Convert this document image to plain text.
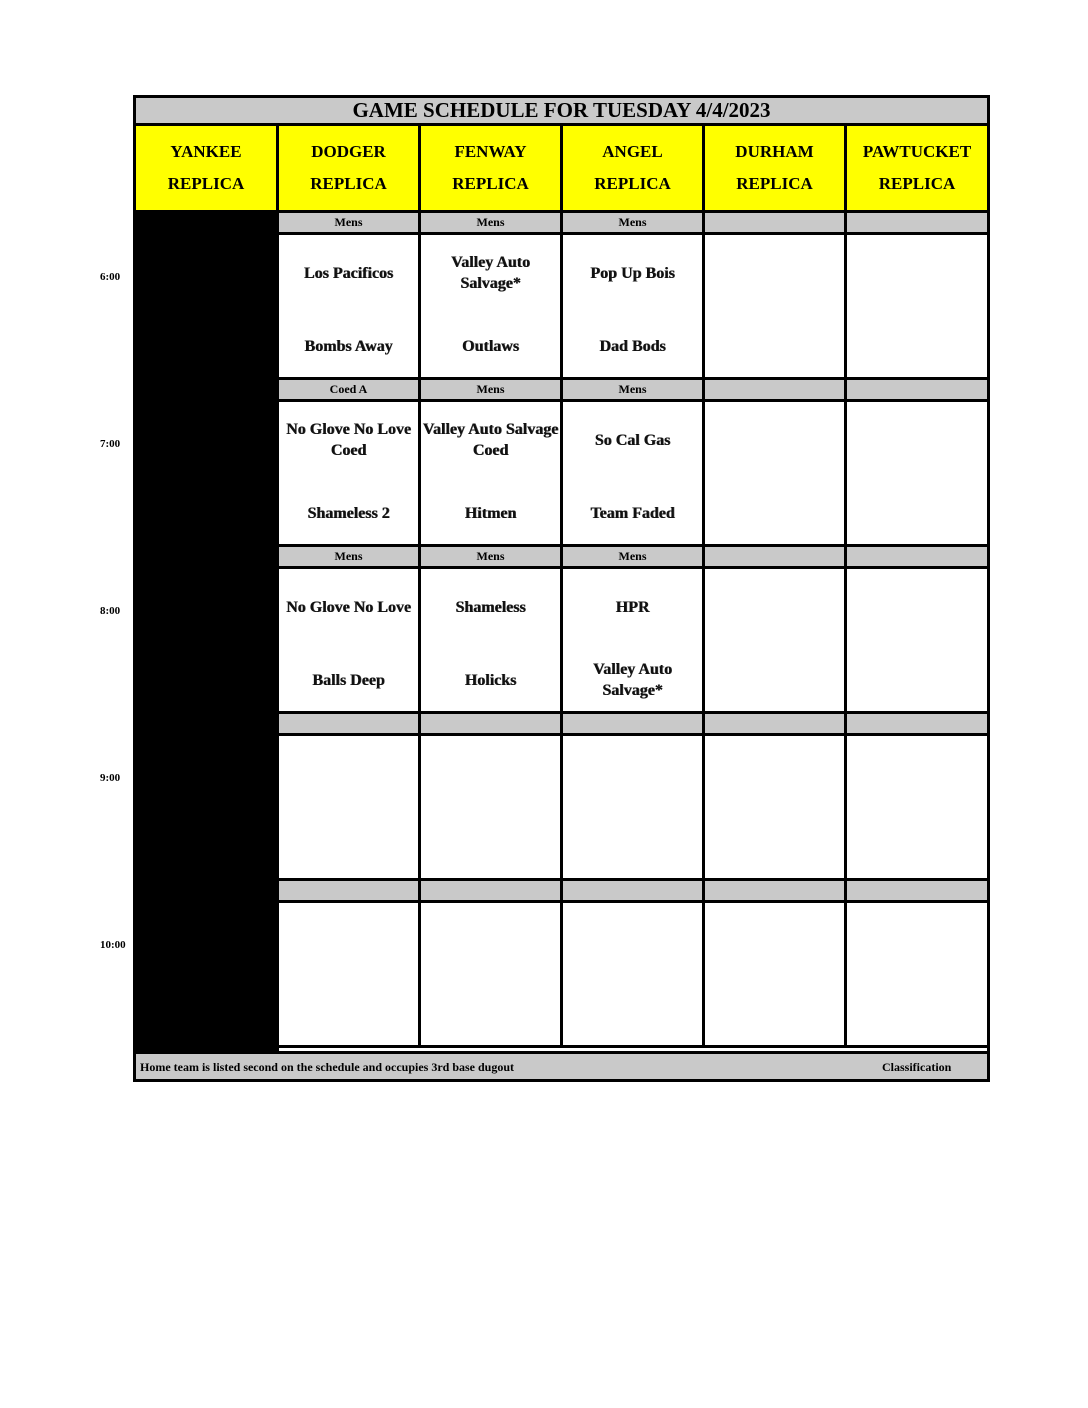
GAME SCHEDULE FOR TUESDAY 4/4/2023
YANKEE
REPLICA
DODGER
REPLICA
FENWAY
REPLICA
ANGEL
REPLICA
DURHAM
REPLICA
PAWTUCKET
REPLICA
Mens
Los Pacificos
Bombs Away
Mens
Valley Auto Salvage*
Outlaws
Mens
Pop Up Bois
Dad Bods
Coed A
No Glove No Love Coed
Shameless 2
Mens
Valley Auto Salvage Coed
Hitmen
Mens
So Cal Gas
Team Faded
Mens
No Glove No Love
Balls Deep
Mens
Shameless
Holicks
Mens
HPR
Valley Auto Salvage*
Home team is listed second on the schedule and occupies 3rd base dugout	Classification
6:00
7:00
8:00
9:00
10:00
